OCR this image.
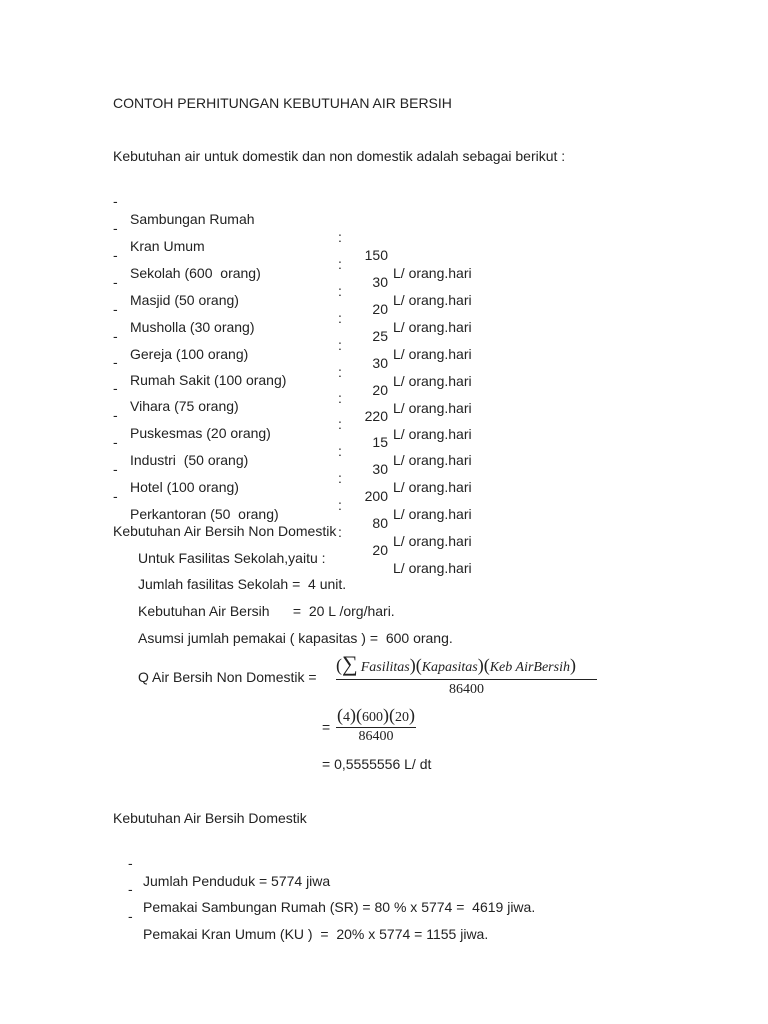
CONTOH PERHITUNGAN KEBUTUHAN AIR BERSIH
Kebutuhan air untuk domestik dan non domestik adalah sebagai berikut :

-

Sambungan Rumah

:

150

L/ orang.hari

-

Kran Umum

:

30

L/ orang.hari

-

Sekolah (600  orang)

:

20

L/ orang.hari

-

Masjid (50 orang)

:

25

L/ orang.hari

-

Musholla (30 orang)

:

30

L/ orang.hari

-

Gereja (100 orang)

:

20

L/ orang.hari

-

Rumah Sakit (100 orang)

:

220

L/ orang.hari

-

Vihara (75 orang)

:

15

L/ orang.hari

-

Puskesmas (20 orang)

:

30

L/ orang.hari

-

Industri  (50 orang)

:

200

L/ orang.hari

-

Hotel (100 orang)

:

80

L/ orang.hari

-

Perkantoran (50  orang)

:

20

L/ orang.hari

Kebutuhan Air Bersih Non Domestik
Untuk Fasilitas Sekolah,yaitu :
Jumlah fasilitas Sekolah =  4 unit.
Kebutuhan Air Bersih      =  20 L /org/hari.
Asumsi jumlah pemakai ( kapasitas ) =  600 orang.
Q Air Bersih Non Domestik =
(∑ Fasilitas)(Kapasitas)(Keb AirBersih)
86400
=
(4)(600)(20)
86400
= 0,5555556 L/ dt
Kebutuhan Air Bersih Domestik

-

Jumlah Penduduk = 5774 jiwa

-

Pemakai Sambungan Rumah (SR) = 80 % x 5774 =  4619 jiwa.

-

Pemakai Kran Umum (KU )  =  20% x 5774 = 1155 jiwa.
